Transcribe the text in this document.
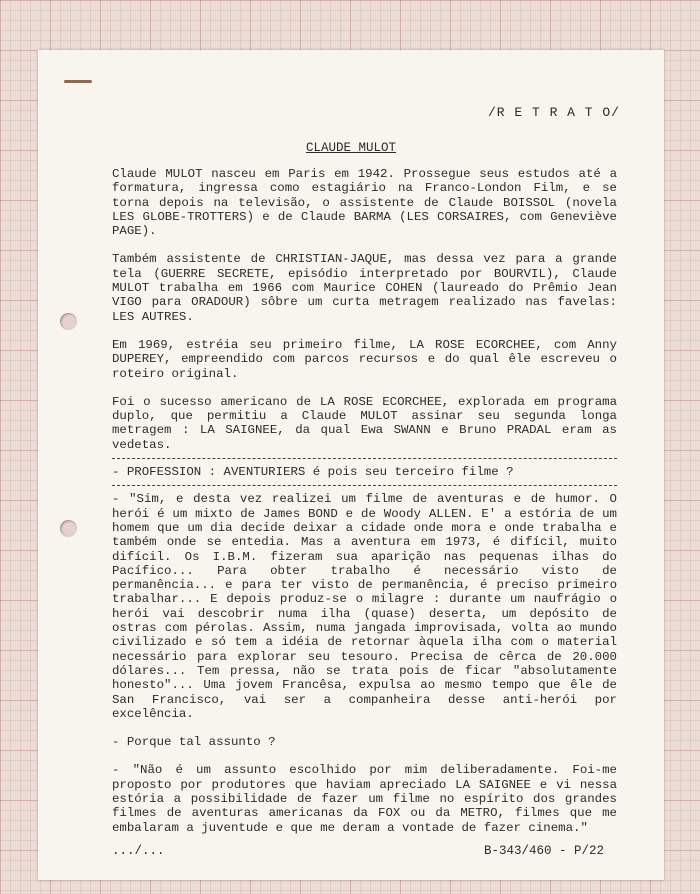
/R E T R A T O/
CLAUDE MULOT

Claude MULOT nasceu em Paris em 1942. Prossegue seus estudos até a formatura, ingressa como estagiário na Franco-London Film, e se torna depois na televisão, o assistente de Claude BOISSOL (novela LES GLOBE-TROTTERS) e de Claude BARMA (LES CORSAIRES, com Geneviève PAGE).

Também assistente de CHRISTIAN-JAQUE, mas dessa vez para a grande tela (GUERRE SECRETE, episódio interpretado por BOURVIL), Claude MULOT trabalha em 1966 com Maurice COHEN (laureado do Prêmio Jean VIGO para ORADOUR) sôbre um curta metragem realizado nas favelas: LES AUTRES.

Em 1969, estréia seu primeiro filme, LA ROSE ECORCHEE, com Anny DUPEREY, empreendido com parcos recursos e do qual êle escreveu o roteiro original.

Foi o sucesso americano de LA ROSE ECORCHEE, explorada em programa duplo, que permitiu a Claude MULOT assinar seu segunda longa metragem : LA SAIGNEE, da qual Ewa SWANN e Bruno PRADAL eram as vedetas.

- PROFESSION : AVENTURIERS é pois seu terceiro filme ?

- "Sim, e desta vez realizei um filme de aventuras e de humor. O herói é um mixto de James BOND e de Woody ALLEN. E' a estória de um homem que um dia decide deixar a cidade onde mora e onde trabalha e também onde se entedia. Mas a aventura em 1973, é difícil, muito difícil. Os I.B.M. fizeram sua aparição nas pequenas ilhas do Pacífico... Para obter trabalho é necessário visto de permanência... e para ter visto de permanência, é preciso primeiro trabalhar... E depois produz-se o milagre : durante um naufrágio o herói vai descobrir numa ilha (quase) deserta, um depósito de ostras com pérolas. Assim, numa jangada improvisada, volta ao mundo civilizado e só tem a idéia de retornar àquela ilha com o material necessário para explorar seu tesouro. Precisa de cêrca de 20.000 dólares... Tem pressa, não se trata pois de ficar "absolutamente honesto"... Uma jovem Francêsa, expulsa ao mesmo tempo que êle de San Francisco, vai ser a companheira desse anti-herói por excelência.

- Porque tal assunto ?

- "Não é um assunto escolhido por mim deliberadamente. Foi-me proposto por produtores que haviam apreciado LA SAIGNEE e vi nessa estória a possibilidade de fazer um filme no espírito dos grandes filmes de aventuras americanas da FOX ou da METRO, filmes que me embalaram a juventude e que me deram a vontade de fazer cinema."

.../...	B-343/460 - P/22
